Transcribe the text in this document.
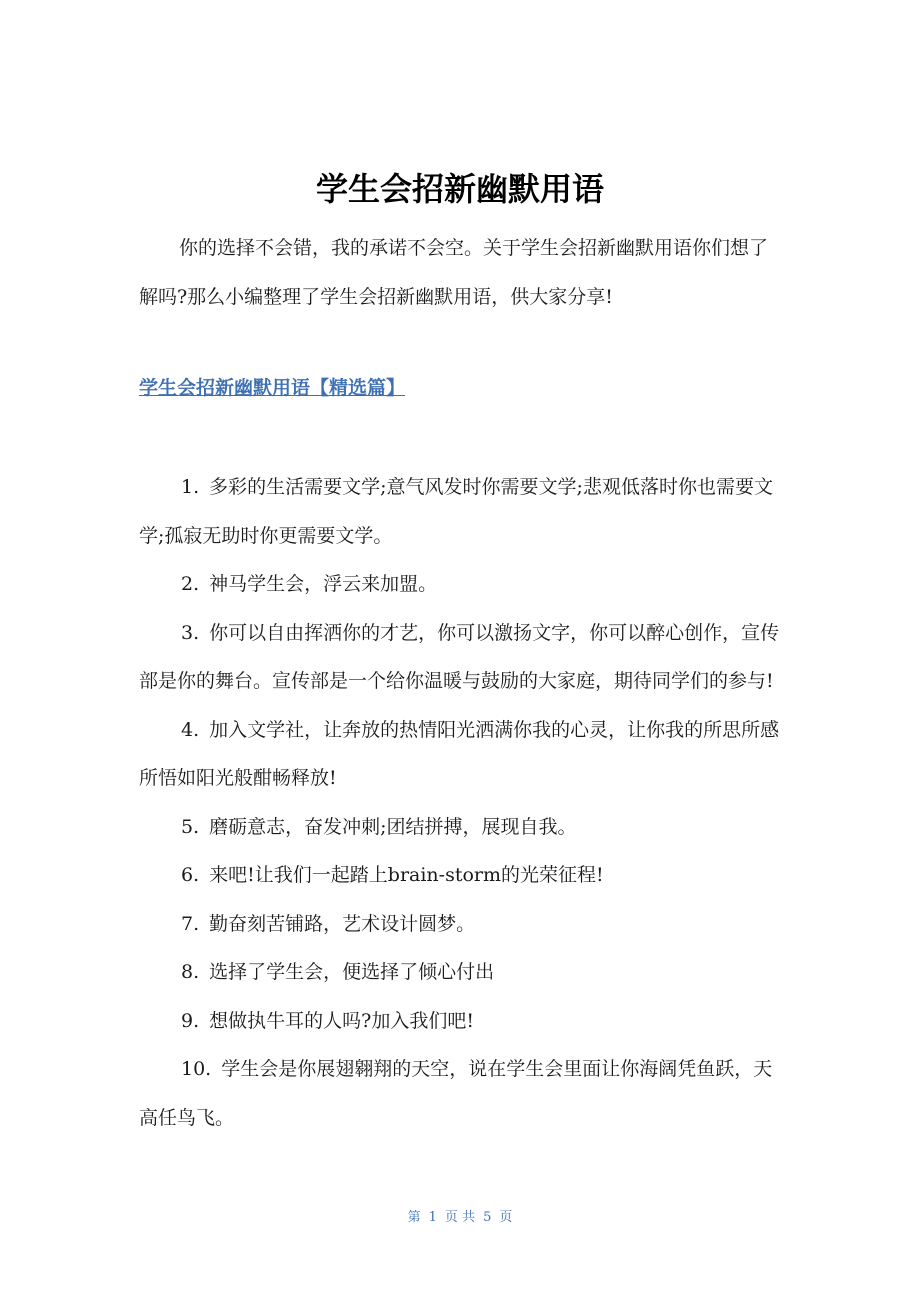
学生会招新幽默用语

你的选择不会错，我的承诺不会空。关于学生会招新幽默用语你们想了解吗?那么小编整理了学生会招新幽默用语，供大家分享!

学生会招新幽默用语【精选篇】
1. 多彩的生活需要文学;意气风发时你需要文学;悲观低落时你也需要文学;孤寂无助时你更需要文学。
2. 神马学生会，浮云来加盟。
3. 你可以自由挥洒你的才艺，你可以激扬文字，你可以醉心创作，宣传部是你的舞台。宣传部是一个给你温暖与鼓励的大家庭，期待同学们的参与!
4. 加入文学社，让奔放的热情阳光洒满你我的心灵，让你我的所思所感所悟如阳光般酣畅释放!
5. 磨砺意志，奋发冲刺;团结拼搏，展现自我。
6. 来吧!让我们一起踏上brain-storm的光荣征程!
7. 勤奋刻苦铺路，艺术设计圆梦。
8. 选择了学生会，便选择了倾心付出
9. 想做执牛耳的人吗?加入我们吧!
10. 学生会是你展翅翱翔的天空，说在学生会里面让你海阔凭鱼跃，天高任鸟飞。
第 1 页 共 5 页
